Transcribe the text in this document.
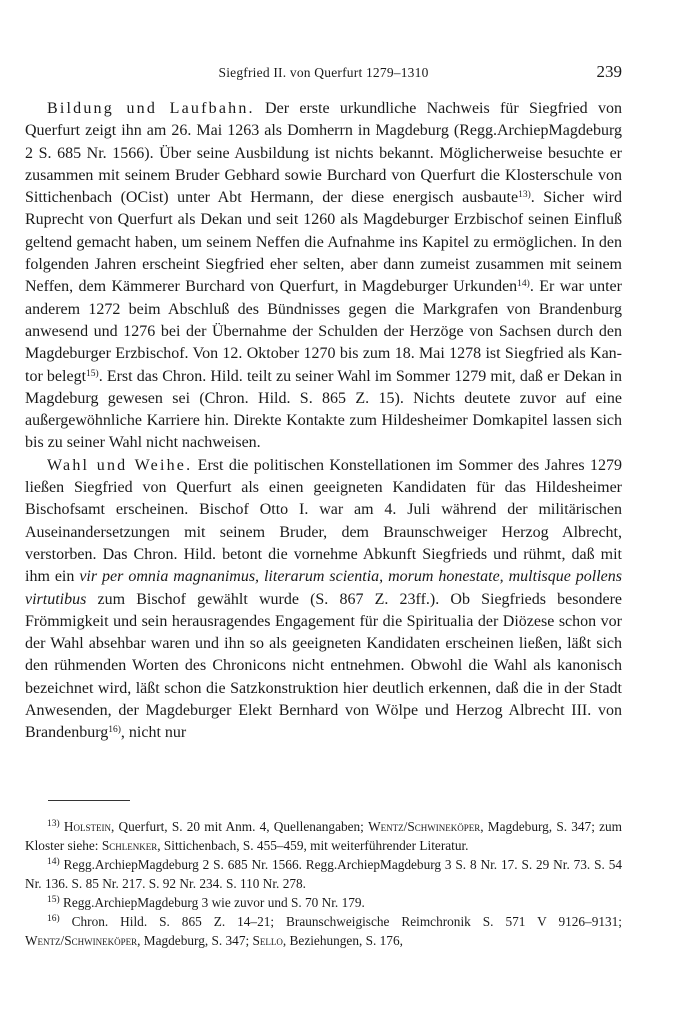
Siegfried II. von Querfurt 1279–1310	239

Bildung und Laufbahn. Der erste urkundliche Nachweis für Siegfried von Querfurt zeigt ihn am 26. Mai 1263 als Domherrn in Magdeburg (Regg.ArchiepMagdeburg 2 S. 685 Nr. 1566). Über seine Ausbildung ist nichts bekannt. Möglicherweise besuchte er zusammen mit seinem Bruder Gebhard sowie Burchard von Querfurt die Klosterschule von Sittichenbach (OCist) unter Abt Hermann, der diese energisch ausbaute$^{13)}$. Sicher wird Ruprecht von Querfurt als Dekan und seit 1260 als Magdeburger Erzbischof seinen Einfluß geltend gemacht haben, um seinem Neffen die Aufnahme ins Kapitel zu ermöglichen. In den folgenden Jahren erscheint Siegfried eher selten, aber dann zumeist zusammen mit seinem Neffen, dem Kämmerer Burchard von Querfurt, in Magdeburger Urkunden$^{14)}$. Er war unter anderem 1272 beim Abschluß des Bündnisses gegen die Markgrafen von Brandenburg anwesend und 1276 bei der Übernahme der Schulden der Herzöge von Sachsen durch den Magdeburger Erzbischof. Von 12. Oktober 1270 bis zum 18. Mai 1278 ist Siegfried als Kantor belegt$^{15)}$. Erst das Chron. Hild. teilt zu seiner Wahl im Sommer 1279 mit, daß er Dekan in Magdeburg gewesen sei (Chron. Hild. S. 865 Z. 15). Nichts deutete zuvor auf eine außergewöhnliche Karriere hin. Direkte Kontakte zum Hildesheimer Domkapitel lassen sich bis zu seiner Wahl nicht nachweisen.

Wahl und Weihe. Erst die politischen Konstellationen im Sommer des Jahres 1279 ließen Siegfried von Querfurt als einen geeigneten Kandidaten für das Hildesheimer Bischofsamt erscheinen. Bischof Otto I. war am 4. Juli während der militärischen Auseinandersetzungen mit seinem Bruder, dem Braunschweiger Herzog Albrecht, verstorben. Das Chron. Hild. betont die vornehme Abkunft Siegfrieds und rühmt, daß mit ihm ein vir per omnia magnanimus, literarum scientia, morum honestate, multisque pollens virtutibus zum Bischof gewählt wurde (S. 867 Z. 23ff.). Ob Siegfrieds besondere Frömmigkeit und sein herausragendes Engagement für die Spiritualia der Diözese schon vor der Wahl absehbar waren und ihn so als geeigneten Kandidaten erscheinen ließen, läßt sich den rühmenden Worten des Chronicons nicht entnehmen. Obwohl die Wahl als kanonisch bezeichnet wird, läßt schon die Satzkonstruktion hier deutlich erkennen, daß die in der Stadt Anwesenden, der Magdeburger Elekt Bernhard von Wölpe und Herzog Albrecht III. von Brandenburg$^{16)}$, nicht nur

$^{13)}$ Holstein, Querfurt, S. 20 mit Anm. 4, Quellenangaben; Wentz/Schwineköper, Magdeburg, S. 347; zum Kloster siehe: Schlenker, Sittichenbach, S. 455–459, mit weiterführender Literatur.

$^{14)}$ Regg.ArchiepMagdeburg 2 S. 685 Nr. 1566. Regg.ArchiepMagdeburg 3 S. 8 Nr. 17. S. 29 Nr. 73. S. 54 Nr. 136. S. 85 Nr. 217. S. 92 Nr. 234. S. 110 Nr. 278.

$^{15)}$ Regg.ArchiepMagdeburg 3 wie zuvor und S. 70 Nr. 179.

$^{16)}$ Chron. Hild. S. 865 Z. 14–21; Braunschweigische Reimchronik S. 571 V 9126–9131; Wentz/Schwineköper, Magdeburg, S. 347; Sello, Beziehungen, S. 176,
